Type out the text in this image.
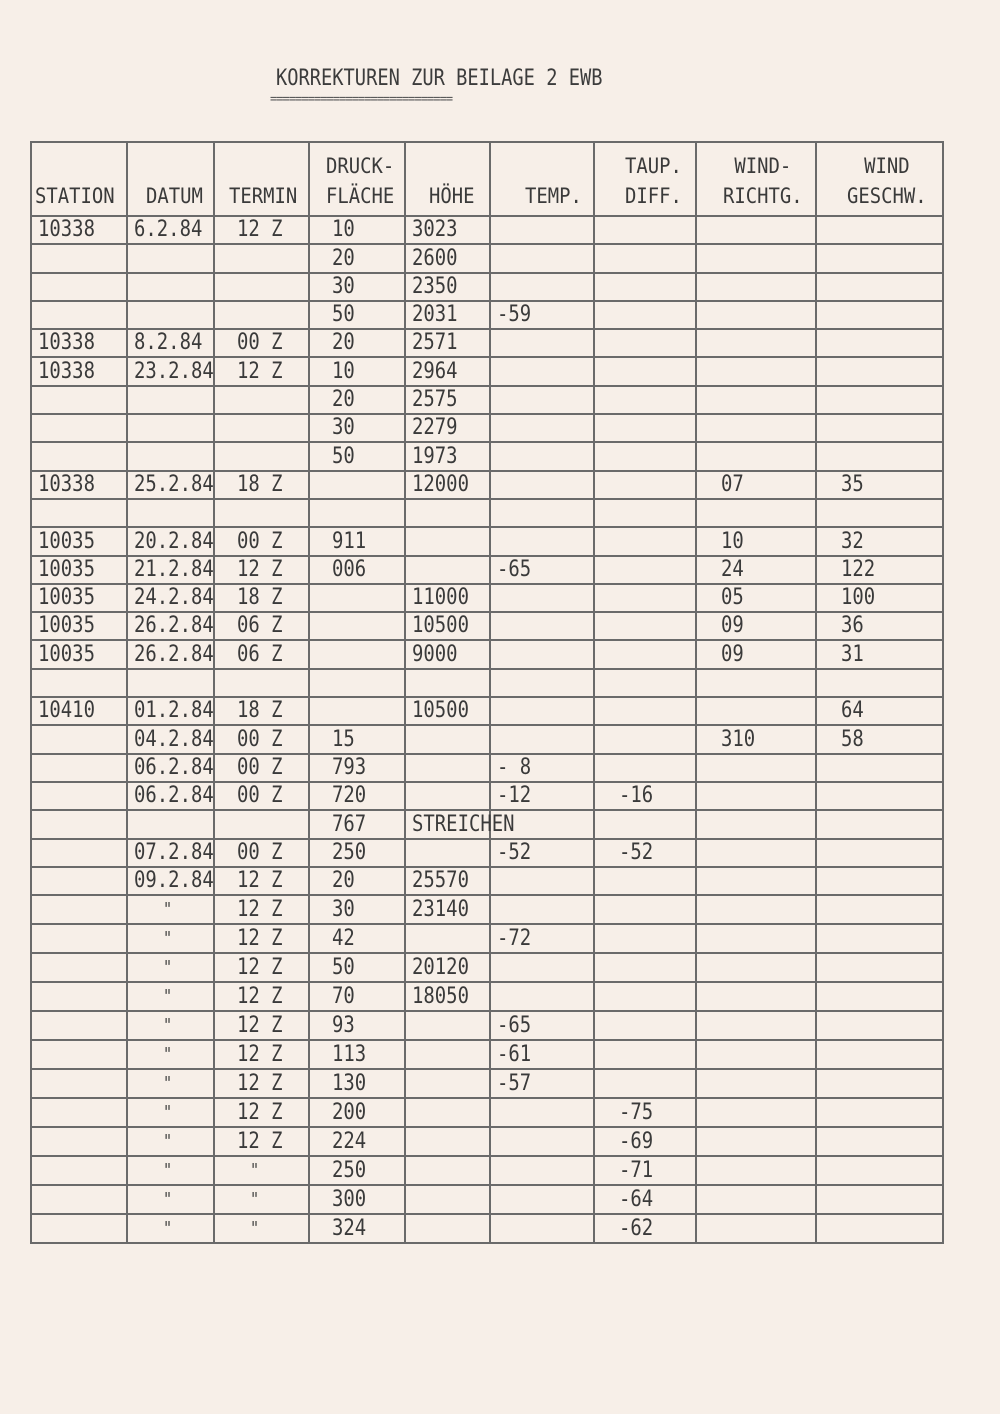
KORREKTUREN ZUR BEILAGE 2 EWB
=============================
STATION	DATUM	TERMIN	DRUCK-
FLÄCHE	HÖHE	TEMP.	TAUP.
DIFF.	WIND-
RICHTG.	WIND
GESCHW.
10338	6.2.84	12 Z	10	3023				
			20	2600				
			30	2350				
			50	2031	-59			
10338	8.2.84	00 Z	20	2571				
10338	23.2.84	12 Z	10	2964				
			20	2575				
			30	2279				
			50	1973				
10338	25.2.84	18 Z		12000			07	35

10035	20.2.84	00 Z	911				10	32
10035	21.2.84	12 Z	006		-65		24	122
10035	24.2.84	18 Z		11000			05	100
10035	26.2.84	06 Z		10500			09	36
10035	26.2.84	06 Z		9000			09	31

10410	01.2.84	18 Z		10500				64
	04.2.84	00 Z	15				310	58
	06.2.84	00 Z	793		- 8			
	06.2.84	00 Z	720		-12	-16		
			767	STREICHEN				
	07.2.84	00 Z	250		-52	-52		
	09.2.84	12 Z	20	25570				
	"	12 Z	30	23140				
	"	12 Z	42		-72			
	"	12 Z	50	20120				
	"	12 Z	70	18050				
	"	12 Z	93		-65			
	"	12 Z	113		-61			
	"	12 Z	130		-57			
	"	12 Z	200			-75		
	"	12 Z	224			-69		
	"	"	250			-71		
	"	"	300			-64		
	"	"	324			-62		
